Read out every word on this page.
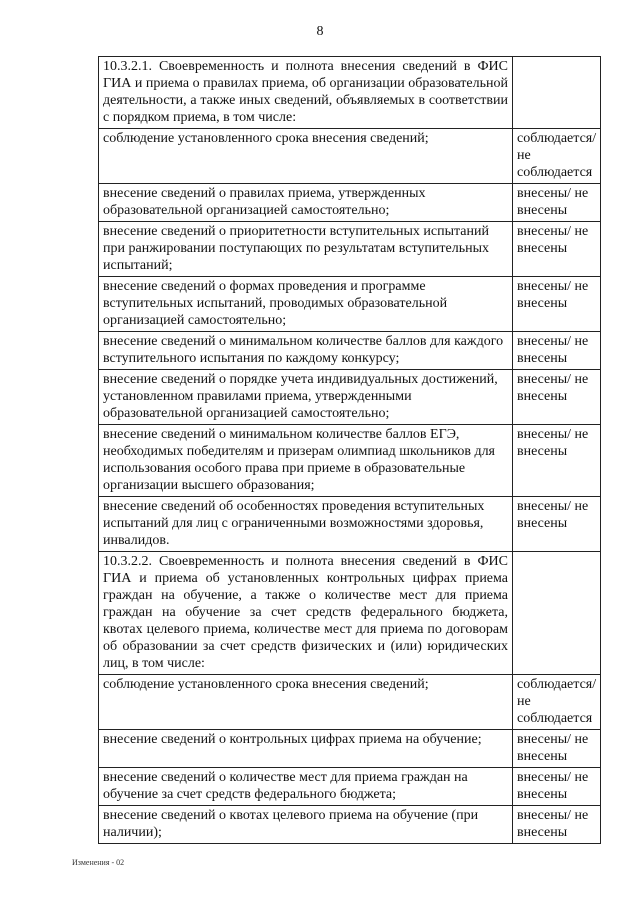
8
10.3.2.1. Своевременность и полнота внесения сведений в ФИС ГИА и приема о правилах приема, об организации образовательной деятельности, а также иных сведений, объявляемых в соответствии с порядком приема, в том числе:	
соблюдение установленного срока внесения сведений;	соблюдается/ не соблюдается
внесение сведений о правилах приема, утвержденных образовательной организацией самостоятельно;	внесены/ не внесены
внесение сведений о приоритетности вступительных испытаний при ранжировании поступающих по результатам вступительных испытаний;	внесены/ не внесены
внесение сведений о формах проведения и программе вступительных испытаний, проводимых образовательной организацией самостоятельно;	внесены/ не внесены
внесение сведений о минимальном количестве баллов для каждого вступительного испытания по каждому конкурсу;	внесены/ не внесены
внесение сведений о порядке учета индивидуальных достижений, установленном правилами приема, утвержденными образовательной организацией самостоятельно;	внесены/ не внесены
внесение сведений о минимальном количестве баллов ЕГЭ, необходимых победителям и призерам олимпиад школьников для использования особого права при приеме в образовательные организации высшего образования;	внесены/ не внесены
внесение сведений об особенностях проведения вступительных испытаний для лиц с ограниченными возможностями здоровья, инвалидов.	внесены/ не внесены
10.3.2.2. Своевременность и полнота внесения сведений в ФИС ГИА и приема об установленных контрольных цифрах приема граждан на обучение, а также о количестве мест для приема граждан на обучение за счет средств федерального бюджета, квотах целевого приема, количестве мест для приема по договорам об образовании за счет средств физических и (или) юридических лиц, в том числе:	
соблюдение установленного срока внесения сведений;	соблюдается/ не соблюдается
внесение сведений о контрольных цифрах приема на обучение;	внесены/ не внесены
внесение сведений о количестве мест для приема граждан на обучение за счет средств федерального бюджета;	внесены/ не внесены
внесение сведений о квотах целевого приема на обучение (при наличии);	внесены/ не внесены
Изменения - 02
